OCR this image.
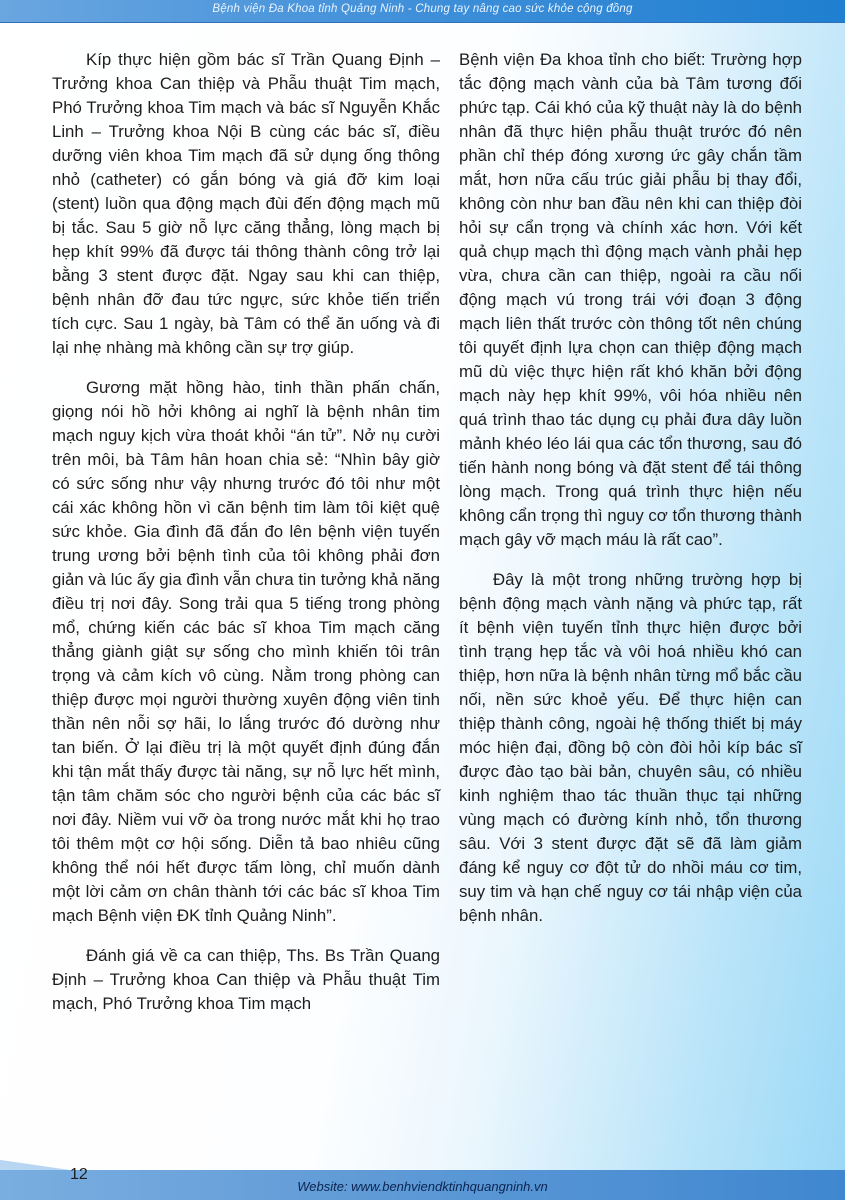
Bệnh viện Đa Khoa tỉnh Quảng Ninh - Chung tay nâng cao sức khỏe cộng đồng

Kíp thực hiện gồm bác sĩ Trần Quang Định – Trưởng khoa Can thiệp và Phẫu thuật Tim mạch, Phó Trưởng khoa Tim mạch và bác sĩ Nguyễn Khắc Linh – Trưởng khoa Nội B cùng các bác sĩ, điều dưỡng viên khoa Tim mạch đã sử dụng ống thông nhỏ (catheter) có gắn bóng và giá đỡ kim loại (stent) luồn qua động mạch đùi đến động mạch mũ bị tắc. Sau 5 giờ nỗ lực căng thẳng, lòng mạch bị hẹp khít 99% đã được tái thông thành công trở lại bằng 3 stent được đặt. Ngay sau khi can thiệp, bệnh nhân đỡ đau tức ngực, sức khỏe tiến triển tích cực. Sau 1 ngày, bà Tâm có thể ăn uống và đi lại nhẹ nhàng mà không cần sự trợ giúp.

Gương mặt hồng hào, tinh thần phấn chấn, giọng nói hồ hởi không ai nghĩ là bệnh nhân tim mạch nguy kịch vừa thoát khỏi “án tử”. Nở nụ cười trên môi, bà Tâm hân hoan chia sẻ: “Nhìn bây giờ có sức sống như vậy nhưng trước đó tôi như một cái xác không hồn vì căn bệnh tim làm tôi kiệt quệ sức khỏe. Gia đình đã đắn đo lên bệnh viện tuyến trung ương bởi bệnh tình của tôi không phải đơn giản và lúc ấy gia đình vẫn chưa tin tưởng khả năng điều trị nơi đây. Song trải qua 5 tiếng trong phòng mổ, chứng kiến các bác sĩ khoa Tim mạch căng thẳng giành giật sự sống cho mình khiến tôi trân trọng và cảm kích vô cùng. Nằm trong phòng can thiệp được mọi người thường xuyên động viên tinh thần nên nỗi sợ hãi, lo lắng trước đó dường như tan biến. Ở lại điều trị là một quyết định đúng đắn khi tận mắt thấy được tài năng, sự nỗ lực hết mình, tận tâm chăm sóc cho người bệnh của các bác sĩ nơi đây. Niềm vui vỡ òa trong nước mắt khi họ trao tôi thêm một cơ hội sống. Diễn tả bao nhiêu cũng không thể nói hết được tấm lòng, chỉ muốn dành một lời cảm ơn chân thành tới các bác sĩ khoa Tim mạch Bệnh viện ĐK tỉnh Quảng Ninh”.

Đánh giá về ca can thiệp, Ths. Bs Trần Quang Định – Trưởng khoa Can thiệp và Phẫu thuật Tim mạch, Phó Trưởng khoa Tim mạch

Bệnh viện Đa khoa tỉnh cho biết: Trường hợp tắc động mạch vành của bà Tâm tương đối phức tạp. Cái khó của kỹ thuật này là do bệnh nhân đã thực hiện phẫu thuật trước đó nên phần chỉ thép đóng xương ức gây chắn tầm mắt, hơn nữa cấu trúc giải phẫu bị thay đổi, không còn như ban đầu nên khi can thiệp đòi hỏi sự cẩn trọng và chính xác hơn. Với kết quả chụp mạch thì động mạch vành phải hẹp vừa, chưa cần can thiệp, ngoài ra cầu nối động mạch vú trong trái với đoạn 3 động mạch liên thất trước còn thông tốt nên chúng tôi quyết định lựa chọn can thiệp động mạch mũ dù việc thực hiện rất khó khăn bởi động mạch này hẹp khít 99%, vôi hóa nhiều nên quá trình thao tác dụng cụ phải đưa dây luồn mảnh khéo léo lái qua các tổn thương, sau đó tiến hành nong bóng và đặt stent để tái thông lòng mạch. Trong quá trình thực hiện nếu không cẩn trọng thì nguy cơ tổn thương thành mạch gây vỡ mạch máu là rất cao”.

Đây là một trong những trường hợp bị bệnh động mạch vành nặng và phức tạp, rất ít bệnh viện tuyến tỉnh thực hiện được bởi tình trạng hẹp tắc và vôi hoá nhiều khó can thiệp, hơn nữa là bệnh nhân từng mổ bắc cầu nối, nền sức khoẻ yếu. Để thực hiện can thiệp thành công, ngoài hệ thống thiết bị máy móc hiện đại, đồng bộ còn đòi hỏi kíp bác sĩ được đào tạo bài bản, chuyên sâu, có nhiều kinh nghiệm thao tác thuần thục tại những vùng mạch có đường kính nhỏ, tổn thương sâu. Với 3 stent được đặt sẽ đã làm giảm đáng kể nguy cơ đột tử do nhồi máu cơ tim, suy tim và hạn chế nguy cơ tái nhập viện của bệnh nhân.

12
Website: www.benhviendktinhquangninh.vn
